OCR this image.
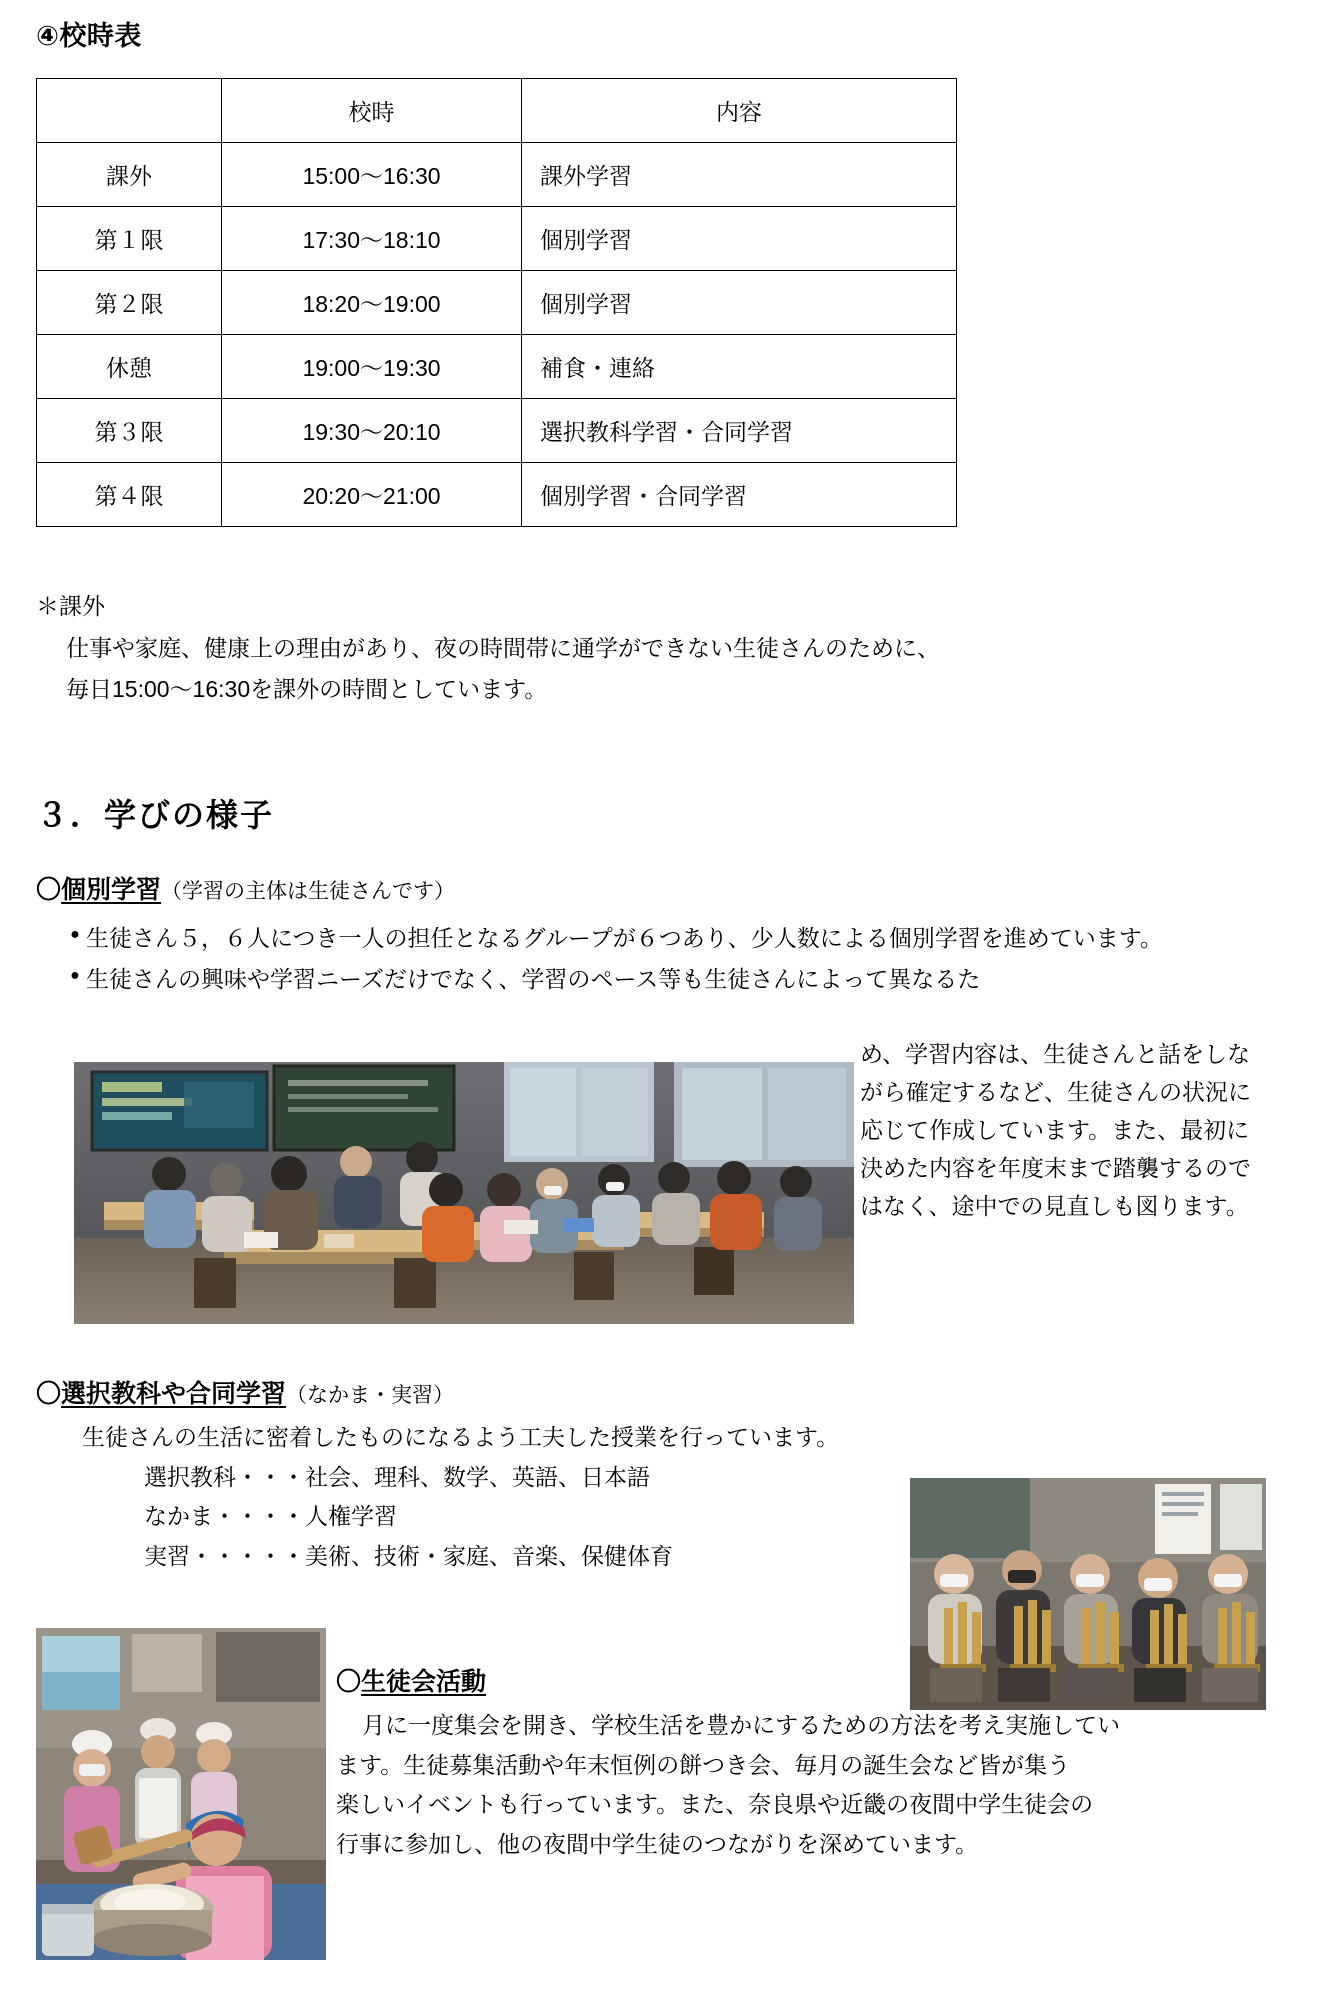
④校時表
	校時	内容
課外	15:00〜16:30	課外学習
第１限	17:30〜18:10	個別学習
第２限	18:20〜19:00	個別学習
休憩	19:00〜19:30	補食・連絡
第３限	19:30〜20:10	選択教科学習・合同学習
第４限	20:20〜21:00	個別学習・合同学習

＊課外

仕事や家庭、健康上の理由があり、夜の時間帯に通学ができない生徒さんのために、

毎日15:00〜16:30を課外の時間としています。

３．学びの様子
〇個別学習（学習の主体は生徒さんです）
● 生徒さん５，６人につき一人の担任となるグループが６つあり、少人数による個別学習を進めています。
● 生徒さんの興味や学習ニーズだけでなく、学習のペース等も生徒さんによって異なるた
め、学習内容は、生徒さんと話をしながら確定するなど、生徒さんの状況に応じて作成しています。また、最初に決めた内容を年度末まで踏襲するのではなく、途中での見直しも図ります。
〇選択教科や合同学習（なかま・実習）

生徒さんの生活に密着したものになるよう工夫した授業を行っています。

選択教科・・・社会、理科、数学、英語、日本語

なかま・・・・人権学習

実習・・・・・美術、技術・家庭、音楽、保健体育

〇生徒会活動

月に一度集会を開き、学校生活を豊かにするための方法を考え実施してい

ます。生徒募集活動や年末恒例の餅つき会、毎月の誕生会など皆が集う

楽しいイベントも行っています。また、奈良県や近畿の夜間中学生徒会の

行事に参加し、他の夜間中学生徒のつながりを深めています。
